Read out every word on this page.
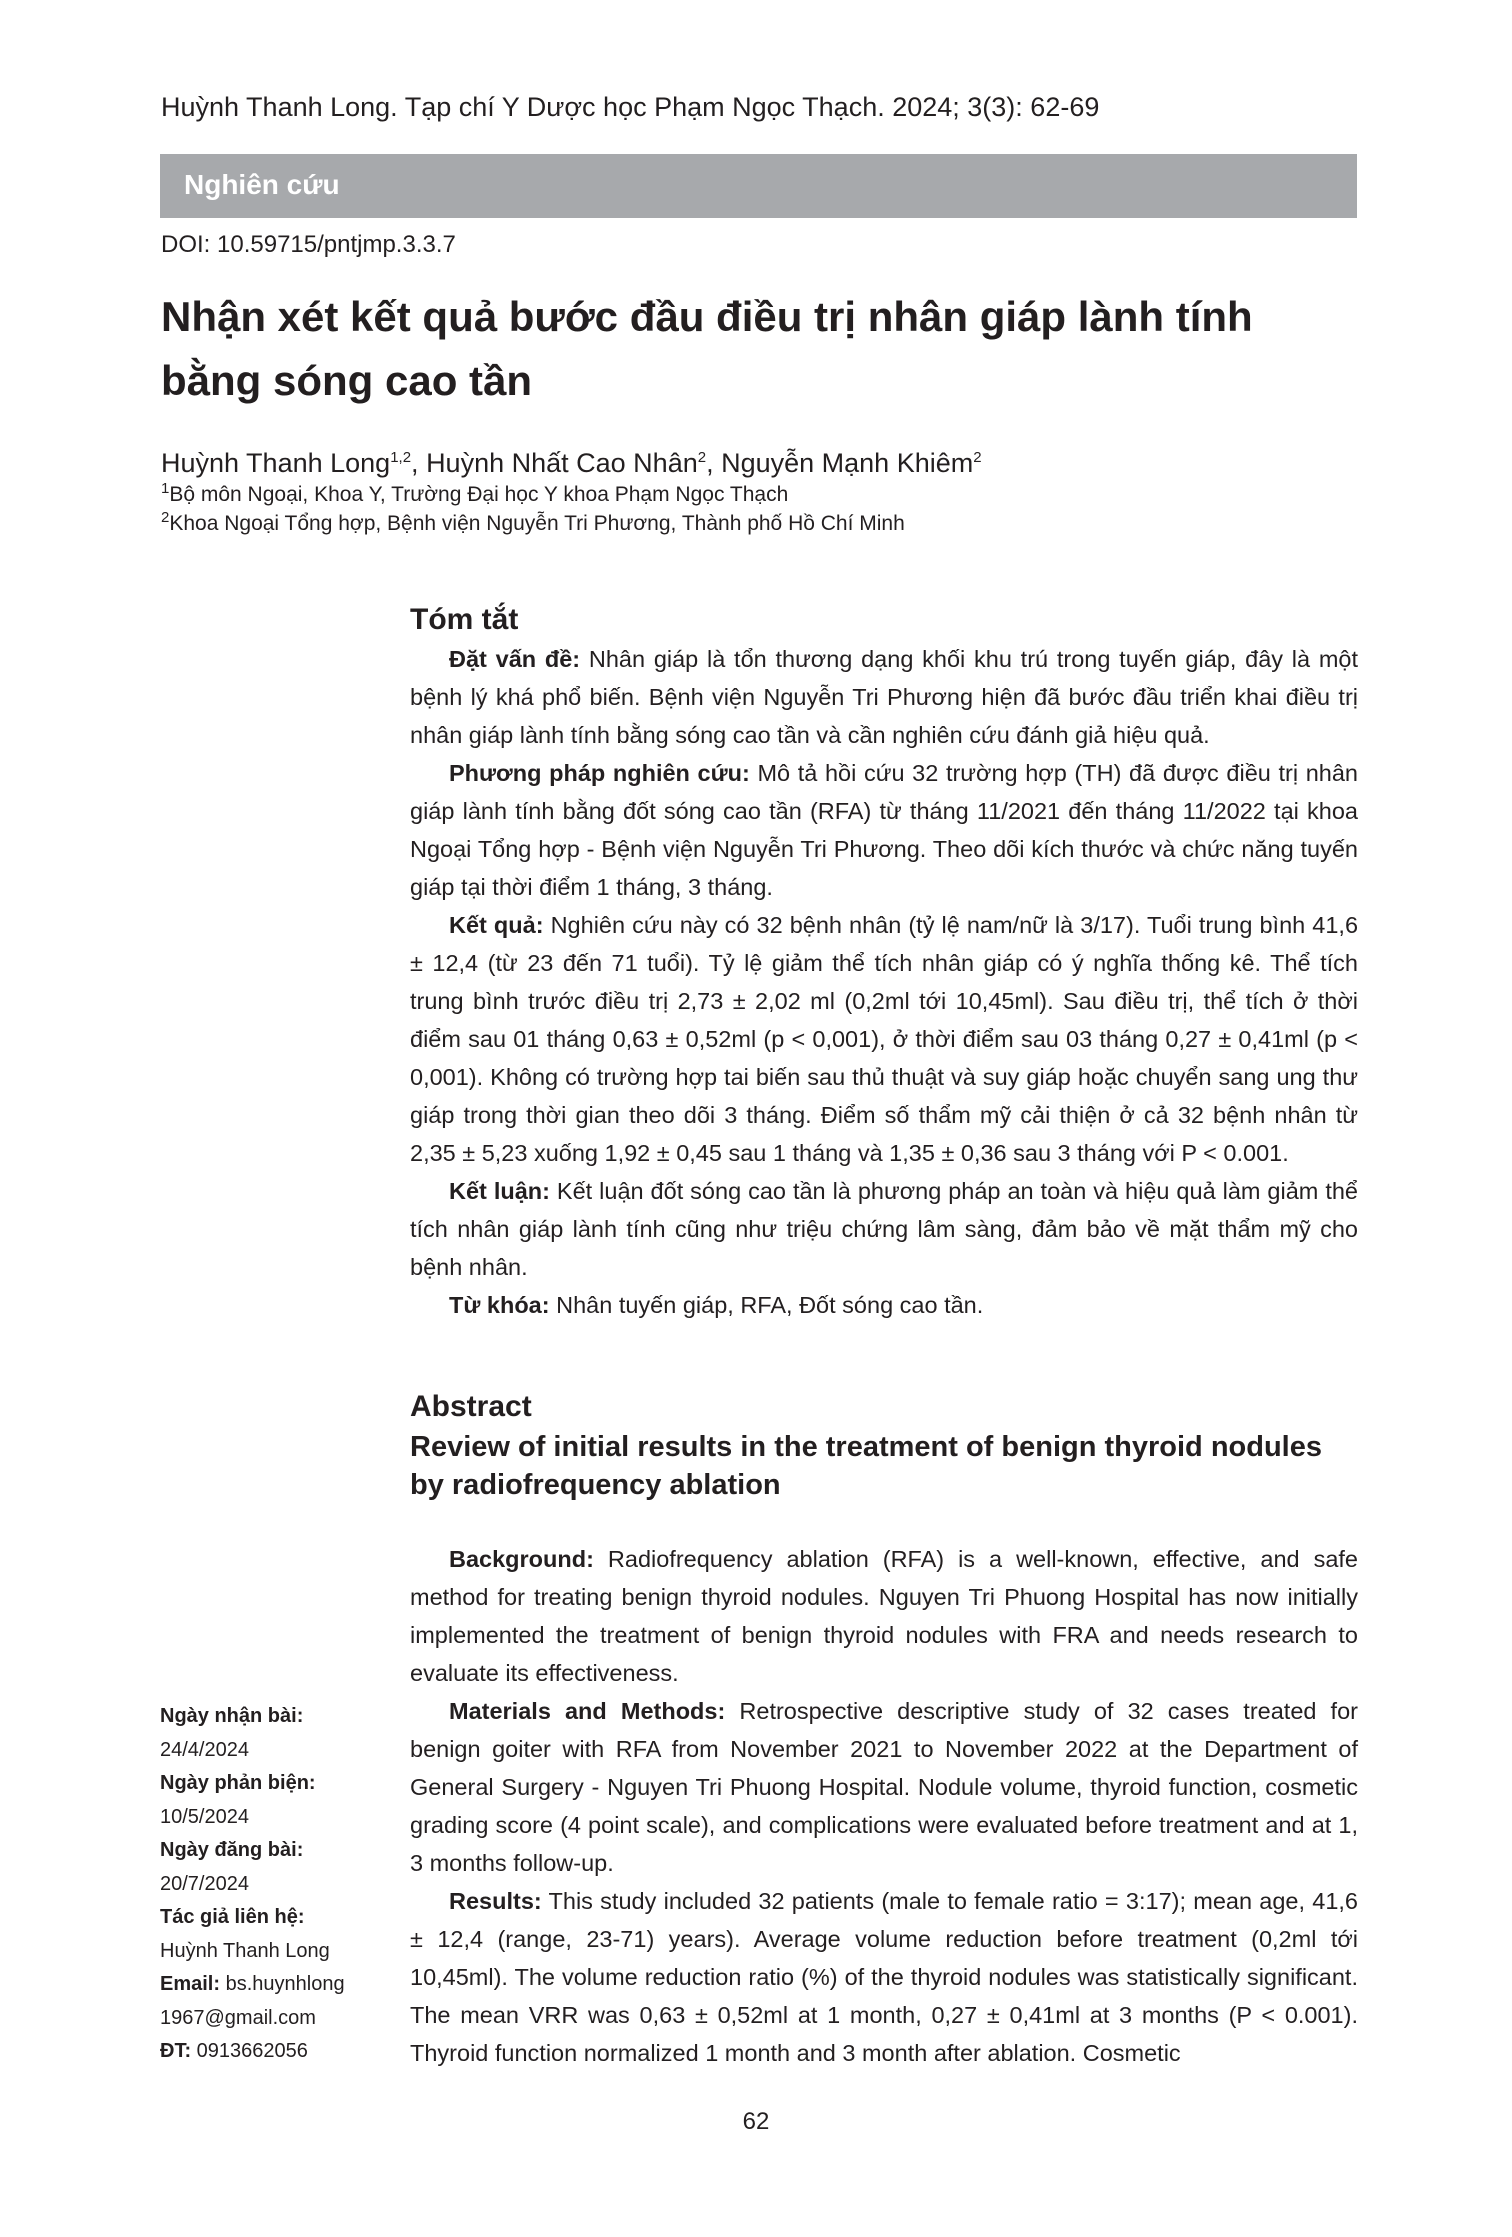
Huỳnh Thanh Long. Tạp chí Y Dược học Phạm Ngọc Thạch. 2024; 3(3): 62-69
Nghiên cứu
DOI: 10.59715/pntjmp.3.3.7
Nhận xét kết quả bước đầu điều trị nhân giáp lành tính bằng sóng cao tần
Huỳnh Thanh Long$^{1,2}$, Huỳnh Nhất Cao Nhân$^2$, Nguyễn Mạnh Khiêm$^2$
$^1$Bộ môn Ngoại, Khoa Y, Trường Đại học Y khoa Phạm Ngọc Thạch
$^2$Khoa Ngoại Tổng hợp, Bệnh viện Nguyễn Tri Phương, Thành phố Hồ Chí Minh
Tóm tắt

Đặt vấn đề: Nhân giáp là tổn thương dạng khối khu trú trong tuyến giáp, đây là một bệnh lý khá phổ biến. Bệnh viện Nguyễn Tri Phương hiện đã bước đầu triển khai điều trị nhân giáp lành tính bằng sóng cao tần và cần nghiên cứu đánh giả hiệu quả.

Phương pháp nghiên cứu: Mô tả hồi cứu 32 trường hợp (TH) đã được điều trị nhân giáp lành tính bằng đốt sóng cao tần (RFA) từ tháng 11/2021 đến tháng 11/2022 tại khoa Ngoại Tổng hợp - Bệnh viện Nguyễn Tri Phương. Theo dõi kích thước và chức năng tuyến giáp tại thời điểm 1 tháng, 3 tháng.

Kết quả: Nghiên cứu này có 32 bệnh nhân (tỷ lệ nam/nữ là 3/17). Tuổi trung bình 41,6 ± 12,4 (từ 23 đến 71 tuổi). Tỷ lệ giảm thể tích nhân giáp có ý nghĩa thống kê. Thể tích trung bình trước điều trị 2,73 ± 2,02 ml (0,2ml tới 10,45ml). Sau điều trị, thể tích ở thời điểm sau 01 tháng 0,63 ± 0,52ml (p < 0,001), ở thời điểm sau 03 tháng 0,27 ± 0,41ml (p < 0,001). Không có trường hợp tai biến sau thủ thuật và suy giáp hoặc chuyển sang ung thư giáp trong thời gian theo dõi 3 tháng. Điểm số thẩm mỹ cải thiện ở cả 32 bệnh nhân từ 2,35 ± 5,23 xuống 1,92 ± 0,45 sau 1 tháng và 1,35 ± 0,36 sau 3 tháng với P < 0.001.

Kết luận: Kết luận đốt sóng cao tần là phương pháp an toàn và hiệu quả làm giảm thể tích nhân giáp lành tính cũng như triệu chứng lâm sàng, đảm bảo về mặt thẩm mỹ cho bệnh nhân.

Từ khóa: Nhân tuyến giáp, RFA, Đốt sóng cao tần.

Abstract
Review of initial results in the treatment of benign thyroid nodules by radiofrequency ablation

Background: Radiofrequency ablation (RFA) is a well-known, effective, and safe method for treating benign thyroid nodules. Nguyen Tri Phuong Hospital has now initially implemented the treatment of benign thyroid nodules with FRA and needs research to evaluate its effectiveness.

Materials and Methods: Retrospective descriptive study of 32 cases treated for benign goiter with RFA from November 2021 to November 2022 at the Department of General Surgery - Nguyen Tri Phuong Hospital. Nodule volume, thyroid function, cosmetic grading score (4 point scale), and complications were evaluated before treatment and at 1, 3 months follow-up.

Results: This study included 32 patients (male to female ratio = 3:17); mean age, 41,6 ± 12,4 (range, 23-71) years). Average volume reduction before treatment (0,2ml tới 10,45ml). The volume reduction ratio (%) of the thyroid nodules was statistically significant. The mean VRR was 0,63 ± 0,52ml at 1 month, 0,27 ± 0,41ml at 3 months (P < 0.001). Thyroid function normalized 1 month and 3 month after ablation. Cosmetic

Ngày nhận bài:
24/4/2024
Ngày phản biện:
10/5/2024
Ngày đăng bài:
20/7/2024
Tác giả liên hệ:
Huỳnh Thanh Long
Email: bs.huynhlong
1967@gmail.com
ĐT: 0913662056
62
